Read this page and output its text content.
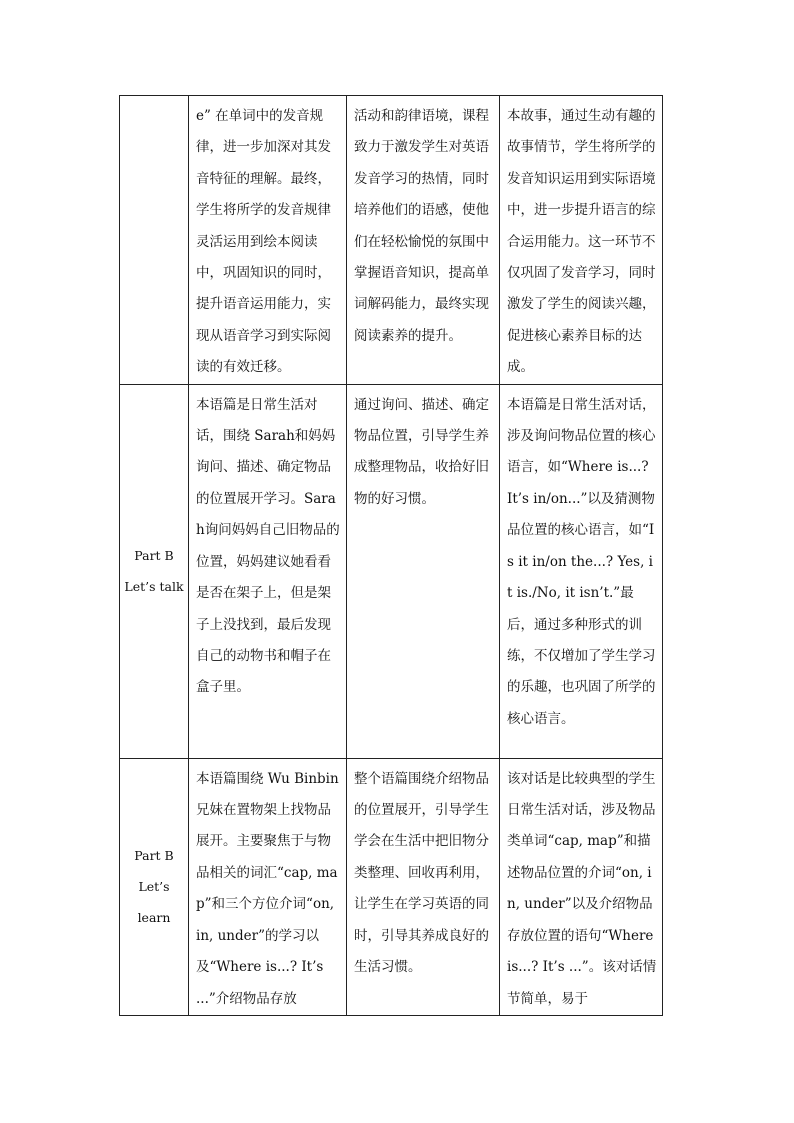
	e” 在单词中的发音规律，进一步加深对其发音特征的理解。最终，学生将所学的发音规律灵活运用到绘本阅读中，巩固知识的同时，提升语音运用能力，实现从语音学习到实际阅读的有效迁移。	活动和韵律语境，课程致力于激发学生对英语发音学习的热情，同时培养他们的语感，使他们在轻松愉悦的氛围中掌握语音知识，提高单词解码能力，最终实现阅读素养的提升。	本故事，通过生动有趣的故事情节，学生将所学的发音知识运用到实际语境中，进一步提升语言的综合运用能力。这一环节不仅巩固了发音学习，同时激发了学生的阅读兴趣，促进核心素养目标的达成。

Part B
Let’s talk	本语篇是日常生活对话，围绕 Sarah和妈妈询问、描述、确定物品的位置展开学习。Sarah询问妈妈自己旧物品的位置，妈妈建议她看看是否在架子上，但是架子上没找到，最后发现自己的动物书和帽子在盒子里。	通过询问、描述、确定物品位置，引导学生养成整理物品，收拾好旧物的好习惯。	本语篇是日常生活对话，涉及询问物品位置的核心语言，如“Where is...? It’s in/on...”以及猜测物品位置的核心语言，如“Is it in/on the...? Yes, it is./No, it isn’t.”最后，通过多种形式的训练，不仅增加了学生学习的乐趣，也巩固了所学的核心语言。

Part B
Let’s
learn	本语篇围绕 Wu Binbin兄妹在置物架上找物品展开。主要聚焦于与物品相关的词汇“cap, map”和三个方位介词“on, in, under”的学习以及“Where is...? It’s ...”介绍物品存放	整个语篇围绕介绍物品的位置展开，引导学生学会在生活中把旧物分类整理、回收再利用，让学生在学习英语的同时，引导其养成良好的生活习惯。	该对话是比较典型的学生日常生活对话，涉及物品类单词“cap, map”和描述物品位置的介词“on, in, under”以及介绍物品存放位置的语句“Where is...? It’s ...”。该对话情节简单，易于
